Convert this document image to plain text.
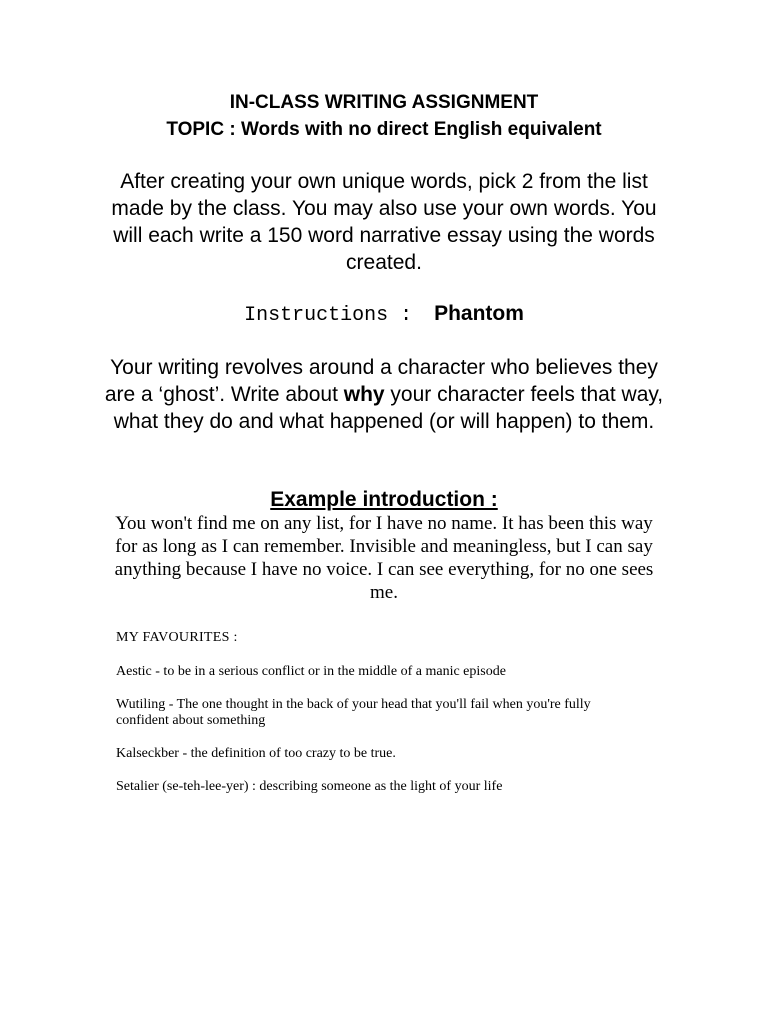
IN-CLASS WRITING ASSIGNMENT
TOPIC : Words with no direct English equivalent
After creating your own unique words, pick 2 from the list made by the class. You may also use your own words. You will each write a 150 word narrative essay using the words created.
Instructions : Phantom
Your writing revolves around a character who believes they are a ‘ghost’. Write about why your character feels that way, what they do and what happened (or will happen) to them.
Example introduction :
You won't find me on any list, for I have no name. It has been this way for as long as I can remember. Invisible and meaningless, but I can say anything because I have no voice. I can see everything, for no one sees me.
MY FAVOURITES :
Aestic - to be in a serious conflict or in the middle of a manic episode
Wutiling - The one thought in the back of your head that you'll fail when you're fully confident about something
Kalseckber - the definition of too crazy to be true.
Setalier (se-teh-lee-yer) : describing someone as the light of your life
